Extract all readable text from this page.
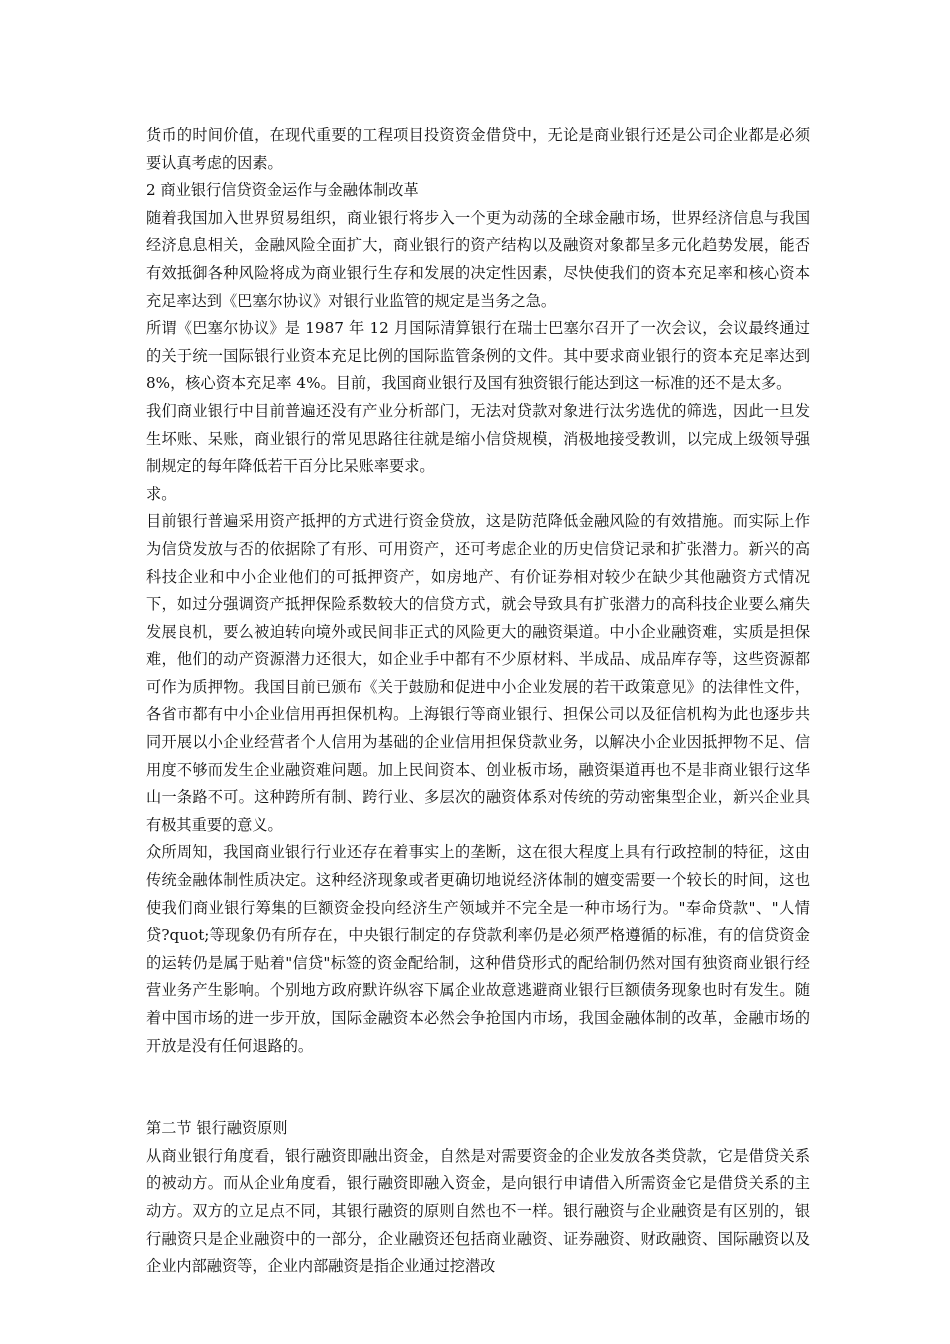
货币的时间价值，在现代重要的工程项目投资资金借贷中，无论是商业银行还是公司企业都是必须要认真考虑的因素。

2 商业银行信贷资金运作与金融体制改革

随着我国加入世界贸易组织，商业银行将步入一个更为动荡的全球金融市场，世界经济信息与我国经济息息相关，金融风险全面扩大，商业银行的资产结构以及融资对象都呈多元化趋势发展，能否有效抵御各种风险将成为商业银行生存和发展的决定性因素，尽快使我们的资本充足率和核心资本充足率达到《巴塞尔协议》对银行业监管的规定是当务之急。

所谓《巴塞尔协议》是 1987 年 12 月国际清算银行在瑞士巴塞尔召开了一次会议，会议最终通过的关于统一国际银行业资本充足比例的国际监管条例的文件。其中要求商业银行的资本充足率达到 8%，核心资本充足率 4%。目前，我国商业银行及国有独资银行能达到这一标准的还不是太多。

我们商业银行中目前普遍还没有产业分析部门，无法对贷款对象进行汰劣选优的筛选，因此一旦发生坏账、呆账，商业银行的常见思路往往就是缩小信贷规模，消极地接受教训，以完成上级领导强制规定的每年降低若干百分比呆账率要求。

求。

目前银行普遍采用资产抵押的方式进行资金贷放，这是防范降低金融风险的有效措施。而实际上作为信贷发放与否的依据除了有形、可用资产，还可考虑企业的历史信贷记录和扩张潜力。新兴的高科技企业和中小企业他们的可抵押资产，如房地产、有价证券相对较少在缺少其他融资方式情况下，如过分强调资产抵押保险系数较大的信贷方式，就会导致具有扩张潜力的高科技企业要么痛失发展良机，要么被迫转向境外或民间非正式的风险更大的融资渠道。中小企业融资难，实质是担保难，他们的动产资源潜力还很大，如企业手中都有不少原材料、半成品、成品库存等，这些资源都可作为质押物。我国目前已颁布《关于鼓励和促进中小企业发展的若干政策意见》的法律性文件，各省市都有中小企业信用再担保机构。上海银行等商业银行、担保公司以及征信机构为此也逐步共同开展以小企业经营者个人信用为基础的企业信用担保贷款业务，以解决小企业因抵押物不足、信用度不够而发生企业融资难问题。加上民间资本、创业板市场，融资渠道再也不是非商业银行这华山一条路不可。这种跨所有制、跨行业、多层次的融资体系对传统的劳动密集型企业，新兴企业具有极其重要的意义。

众所周知，我国商业银行行业还存在着事实上的垄断，这在很大程度上具有行政控制的特征，这由传统金融体制性质决定。这种经济现象或者更确切地说经济体制的嬗变需要一个较长的时间，这也使我们商业银行筹集的巨额资金投向经济生产领域并不完全是一种市场行为。"奉命贷款"、"人情贷?quot;等现象仍有所存在，中央银行制定的存贷款利率仍是必须严格遵循的标准，有的信贷资金的运转仍是属于贴着"信贷"标签的资金配给制，这种借贷形式的配给制仍然对国有独资商业银行经营业务产生影响。个别地方政府默许纵容下属企业故意逃避商业银行巨额债务现象也时有发生。随着中国市场的进一步开放，国际金融资本必然会争抢国内市场，我国金融体制的改革，金融市场的开放是没有任何退路的。

第二节 银行融资原则

从商业银行角度看，银行融资即融出资金，自然是对需要资金的企业发放各类贷款，它是借贷关系的被动方。而从企业角度看，银行融资即融入资金，是向银行申请借入所需资金它是借贷关系的主动方。双方的立足点不同，其银行融资的原则自然也不一样。银行融资与企业融资是有区别的，银行融资只是企业融资中的一部分，企业融资还包括商业融资、证券融资、财政融资、国际融资以及企业内部融资等，企业内部融资是指企业通过挖潜改
